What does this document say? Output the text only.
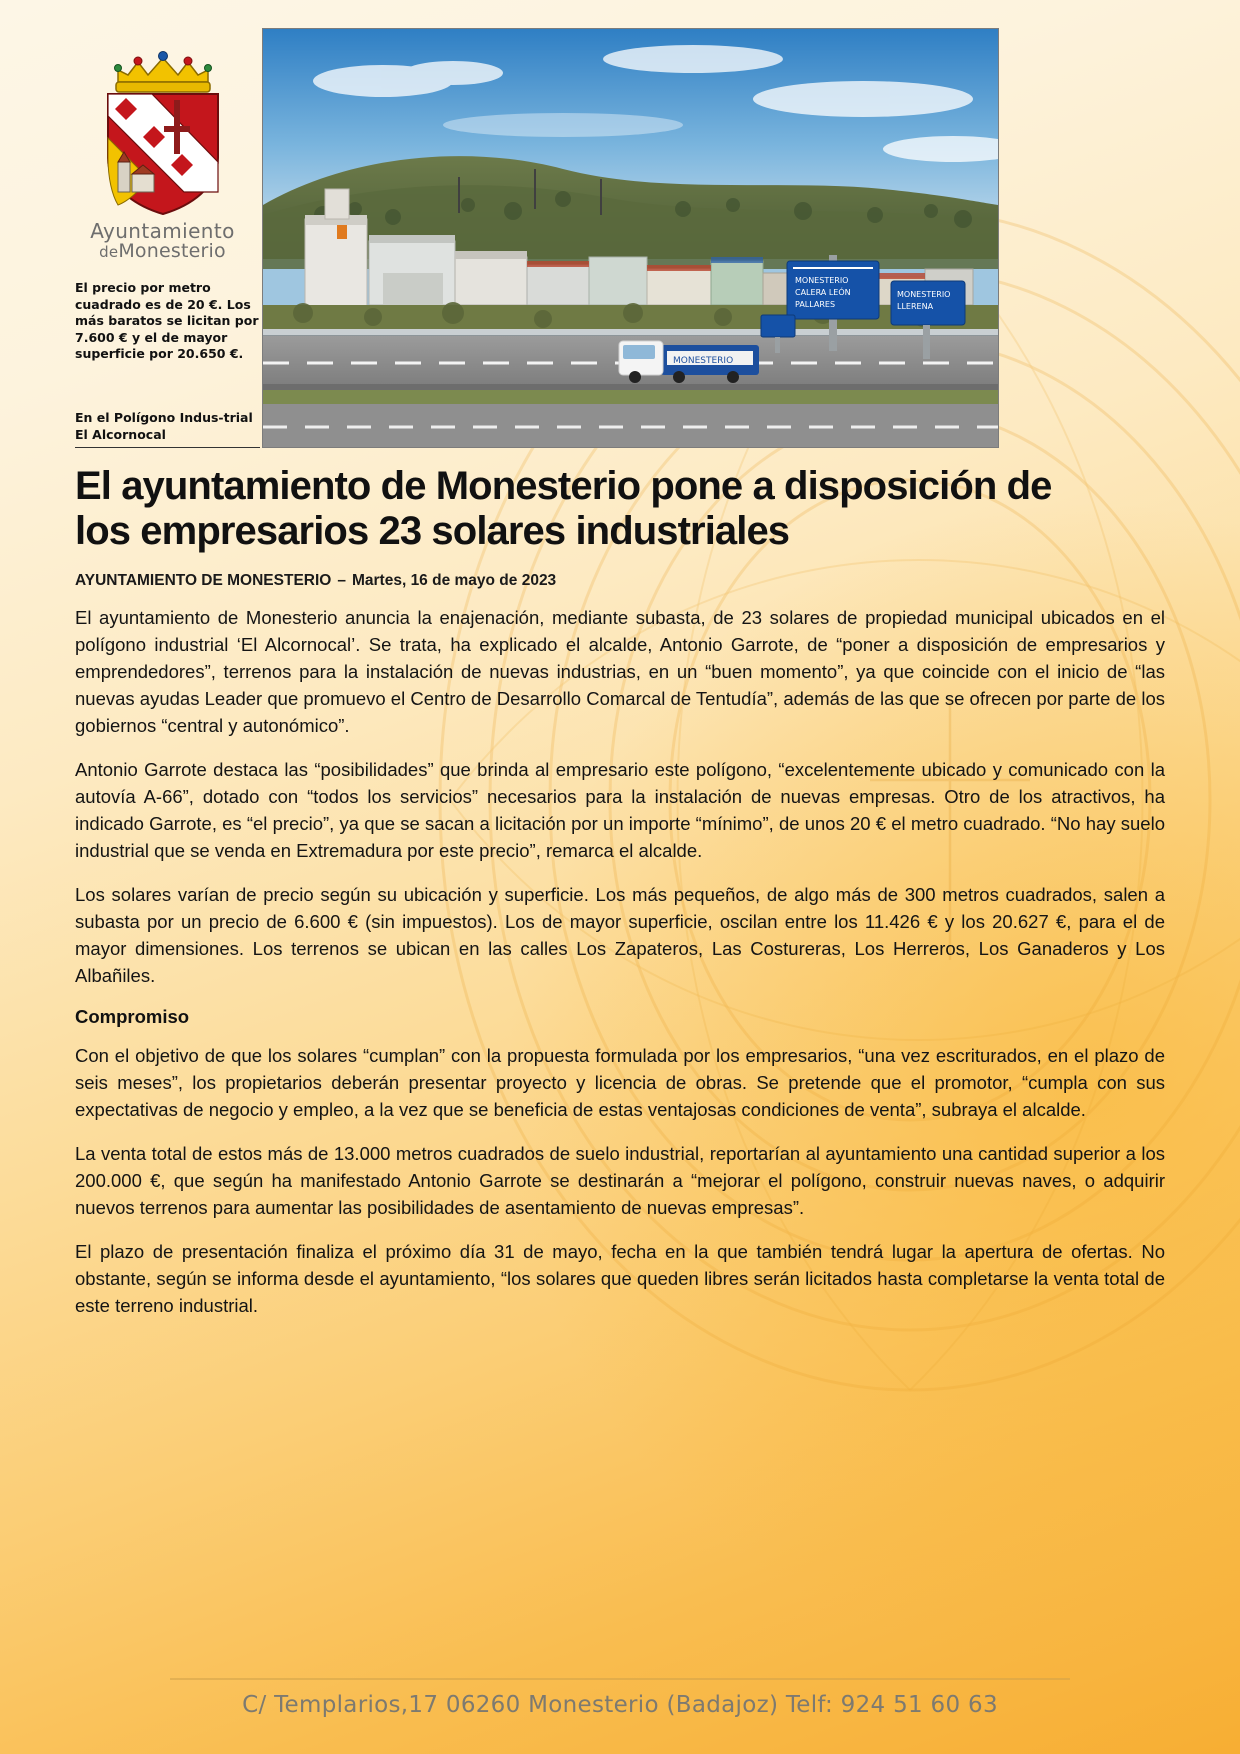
Ayuntamiento
deMonesterio
El precio por metro cuadrado es de 20 €. Los más baratos se licitan por 7.600 € y el de mayor superficie por 20.650 €.
En el Polígono Indus-trial El Alcornocal
MONESTERIO
MONESTERIO
CALERA LEÓN
PALLARES
MONESTERIO
LLERENA
El ayuntamiento de Monesterio pone a disposición de los empresarios 23 solares industriales
AYUNTAMIENTO DE MONESTERIO – Martes, 16 de mayo de 2023

El ayuntamiento de Monesterio anuncia la enajenación, mediante subasta, de 23 solares de propiedad municipal ubicados en el polígono industrial ‘El Alcornocal’. Se trata, ha explicado el alcalde, Antonio Garrote, de “poner a disposición de empresarios y emprendedores”, terrenos para la instalación de nuevas industrias, en un “buen momento”, ya que coincide con el inicio de “las nuevas ayudas Leader que promuevo el Centro de Desarrollo Comarcal de Tentudía”, además de las que se ofrecen por parte de los gobiernos “central y autonómico”.

Antonio Garrote destaca las “posibilidades” que brinda al empresario este polígono, “excelentemente ubicado y comunicado con la autovía A-66”, dotado con “todos los servicios” necesarios para la instalación de nuevas empresas. Otro de los atractivos, ha indicado Garrote, es “el precio”, ya que se sacan a licitación por un importe “mínimo”, de unos 20 € el metro cuadrado. “No hay suelo industrial que se venda en Extremadura por este precio”, remarca el alcalde.

Los solares varían de precio según su ubicación y superficie. Los más pequeños, de algo más de 300 metros cuadrados, salen a subasta por un precio de 6.600 € (sin impuestos). Los de mayor superficie, oscilan entre los 11.426 € y los 20.627 €, para el de mayor dimensiones. Los terrenos se ubican en las calles Los Zapateros, Las Costureras, Los Herreros, Los Ganaderos y Los Albañiles.

Compromiso

Con el objetivo de que los solares “cumplan” con la propuesta formulada por los empresarios, “una vez escriturados, en el plazo de seis meses”, los propietarios deberán presentar proyecto y licencia de obras. Se pretende que el promotor, “cumpla con sus expectativas de negocio y empleo, a la vez que se beneficia de estas ventajosas condiciones de venta”, subraya el alcalde.

La venta total de estos más de 13.000 metros cuadrados de suelo industrial, reportarían al ayuntamiento una cantidad superior a los 200.000 €, que según ha manifestado Antonio Garrote se destinarán a “mejorar el polígono, construir nuevas naves, o adquirir nuevos terrenos para aumentar las posibilidades de asentamiento de nuevas empresas”.

El plazo de presentación finaliza el próximo día 31 de mayo, fecha en la que también tendrá lugar la apertura de ofertas. No obstante, según se informa desde el ayuntamiento, “los solares que queden libres serán licitados hasta completarse la venta total de este terreno industrial.

C/ Templarios,17 06260 Monesterio (Badajoz) Telf: 924 51 60 63
